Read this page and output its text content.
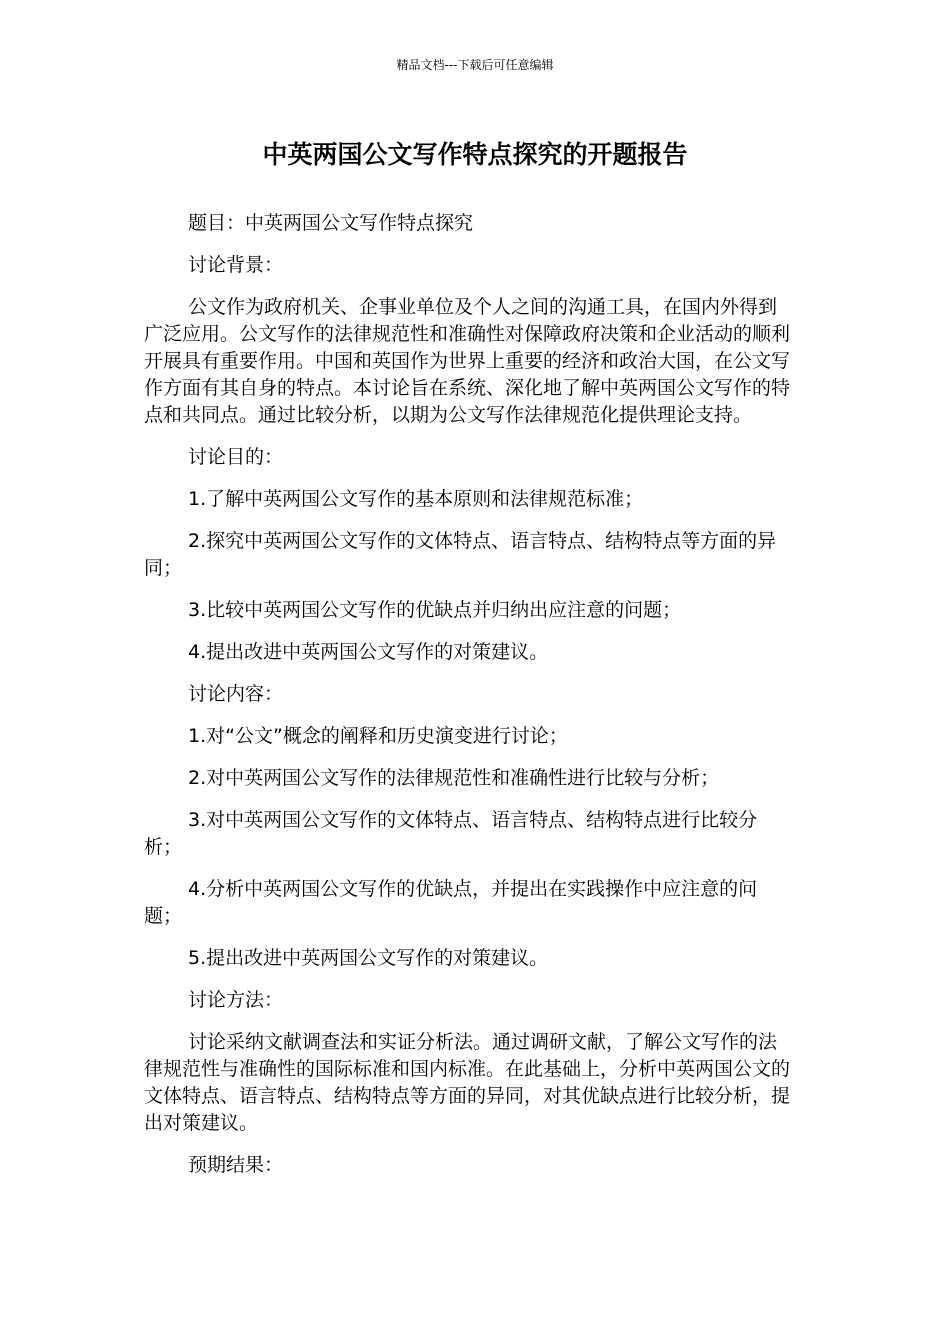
精品文档---下载后可任意编辑
中英两国公文写作特点探究的开题报告

题目：中英两国公文写作特点探究

讨论背景：

公文作为政府机关、企事业单位及个人之间的沟通工具，在国内外得到广泛应用。公文写作的法律规范性和准确性对保障政府决策和企业活动的顺利开展具有重要作用。中国和英国作为世界上重要的经济和政治大国，在公文写作方面有其自身的特点。本讨论旨在系统、深化地了解中英两国公文写作的特点和共同点。通过比较分析，以期为公文写作法律规范化提供理论支持。

讨论目的：

1.了解中英两国公文写作的基本原则和法律规范标准；

2.探究中英两国公文写作的文体特点、语言特点、结构特点等方面的异同；

3.比较中英两国公文写作的优缺点并归纳出应注意的问题；

4.提出改进中英两国公文写作的对策建议。

讨论内容：

1.对“公文”概念的阐释和历史演变进行讨论；

2.对中英两国公文写作的法律规范性和准确性进行比较与分析；

3.对中英两国公文写作的文体特点、语言特点、结构特点进行比较分析；

4.分析中英两国公文写作的优缺点，并提出在实践操作中应注意的问题；

5.提出改进中英两国公文写作的对策建议。

讨论方法：

讨论采纳文献调查法和实证分析法。通过调研文献，了解公文写作的法律规范性与准确性的国际标准和国内标准。在此基础上，分析中英两国公文的文体特点、语言特点、结构特点等方面的异同，对其优缺点进行比较分析，提出对策建议。

预期结果：
